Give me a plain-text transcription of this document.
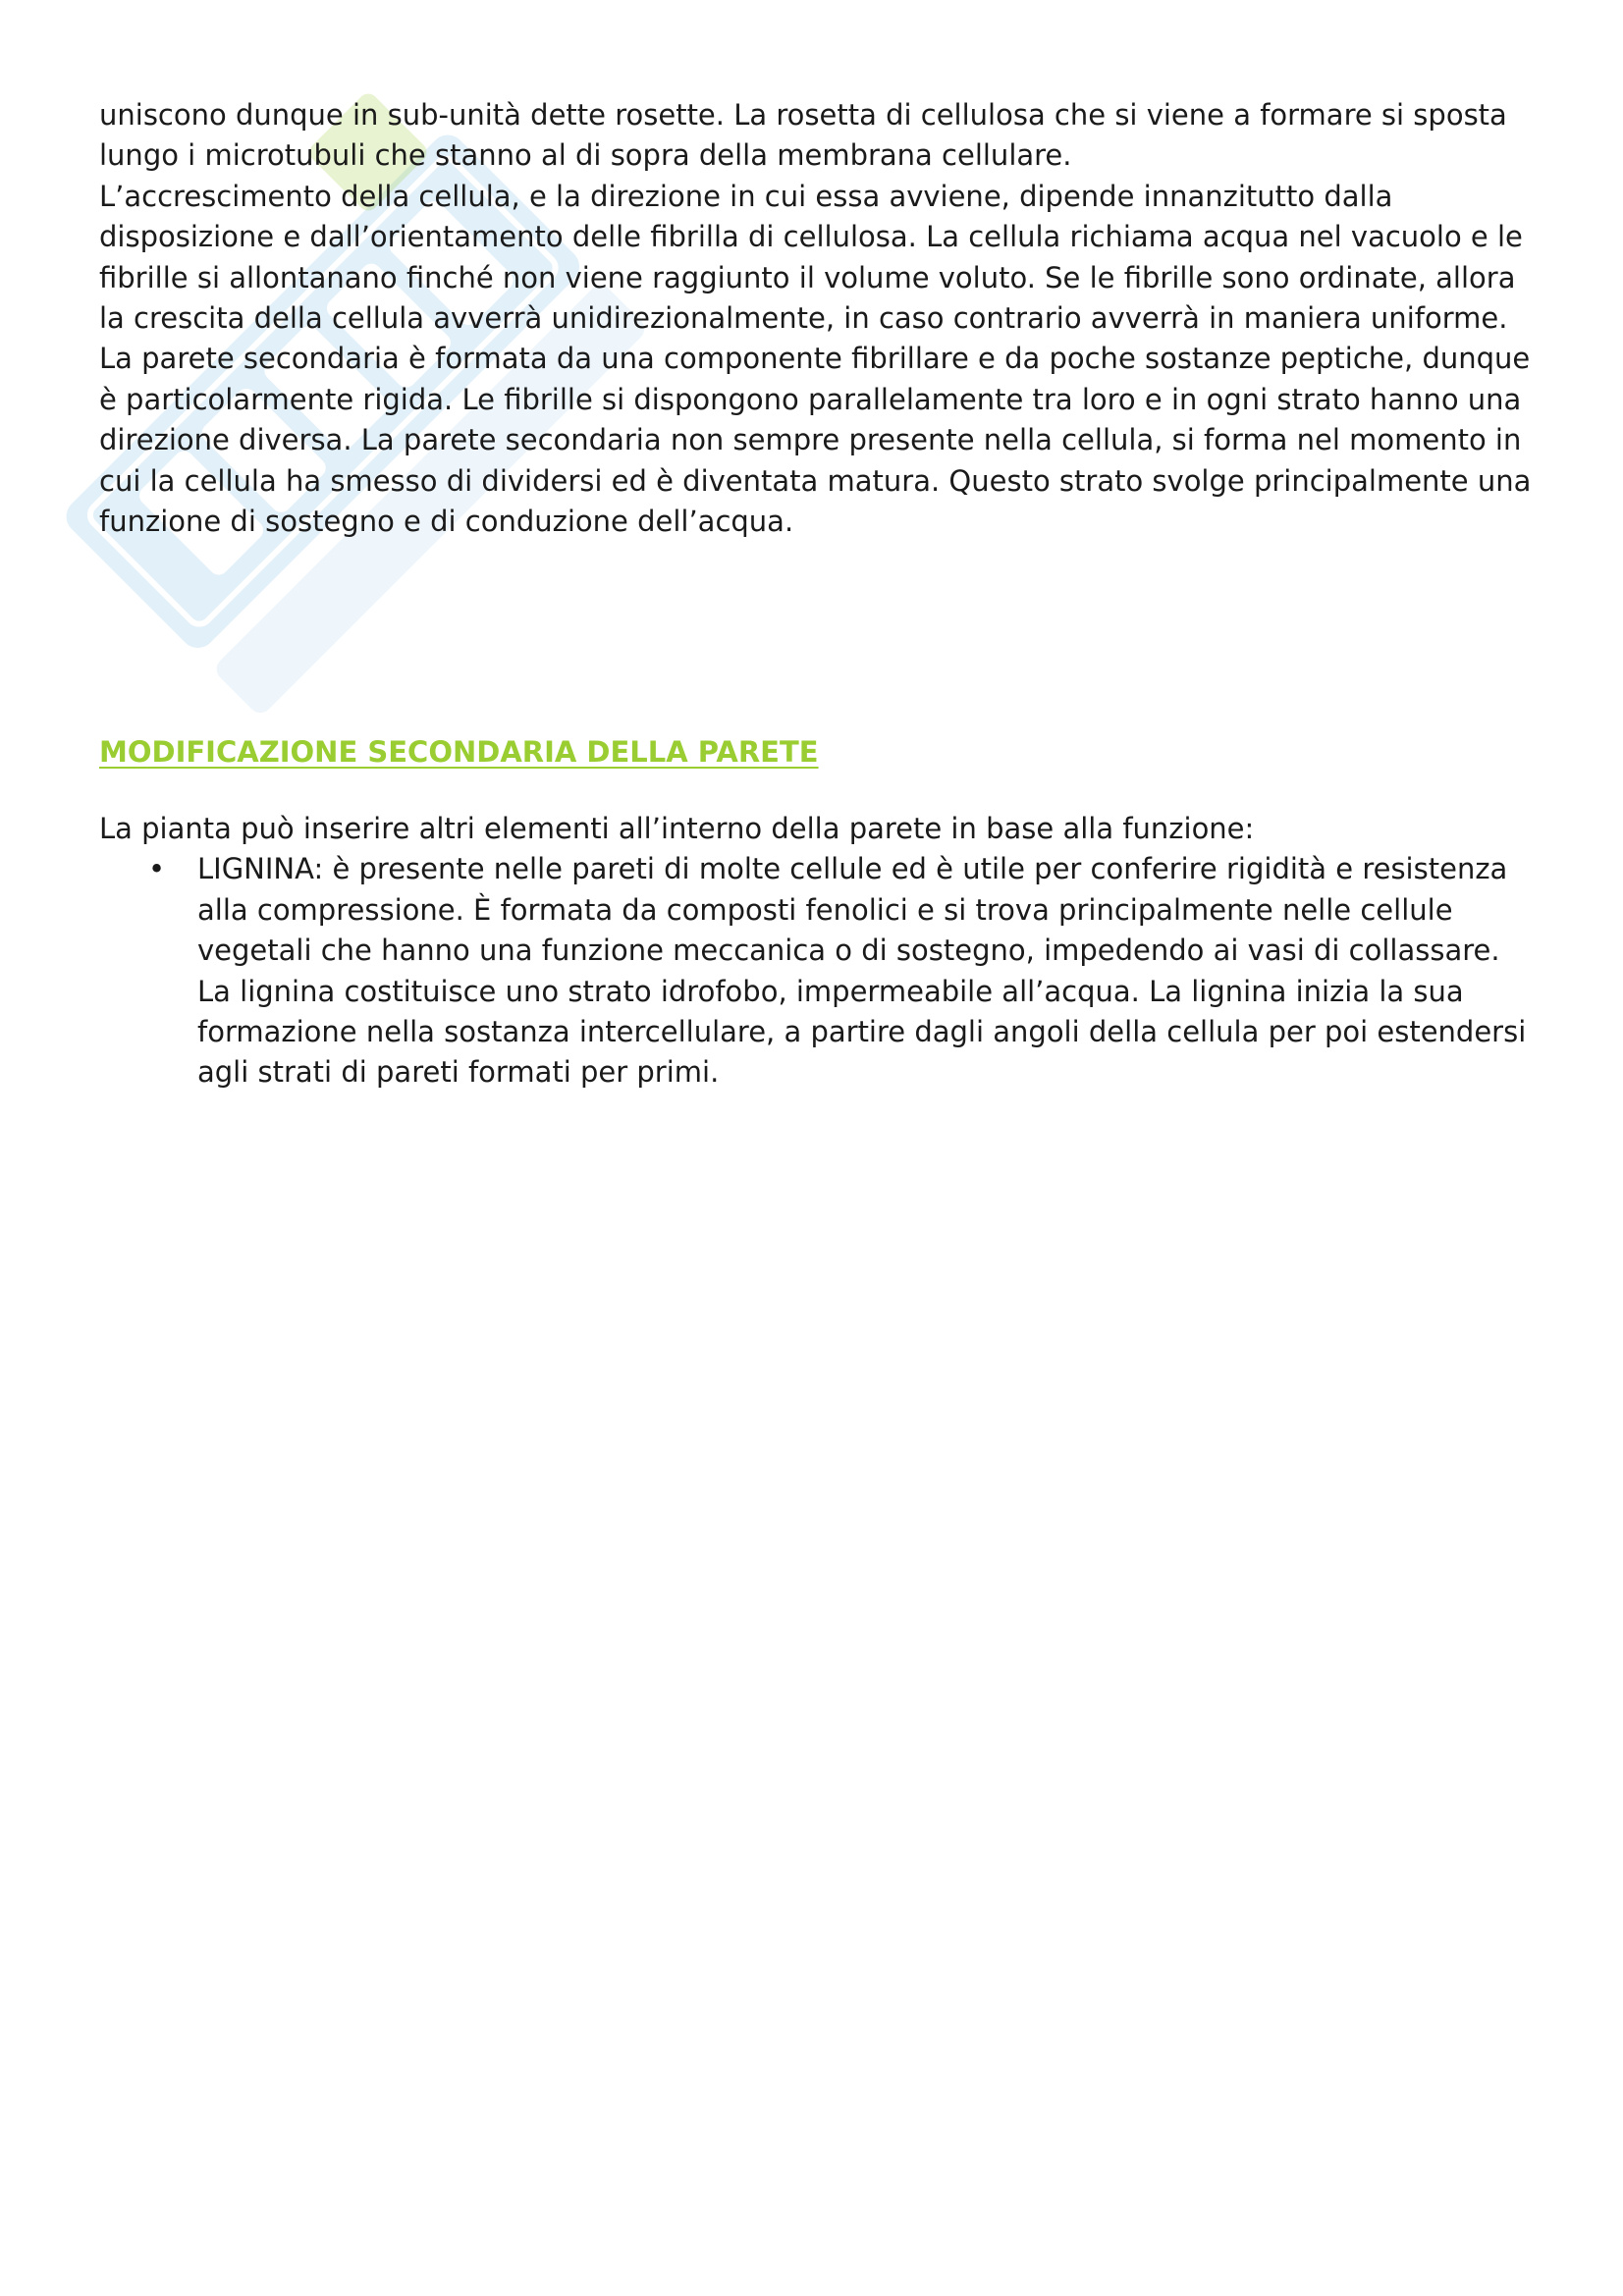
uniscono dunque in sub-unità dette rosette. La rosetta di cellulosa che si viene a formare si sposta lungo i microtubuli che stanno al di sopra della membrana cellulare.

L’accrescimento della cellula, e la direzione in cui essa avviene, dipende innanzitutto dalla disposizione e dall’orientamento delle fibrilla di cellulosa. La cellula richiama acqua nel vacuolo e le fibrille si allontanano finché non viene raggiunto il volume voluto. Se le fibrille sono ordinate, allora la crescita della cellula avverrà unidirezionalmente, in caso contrario avverrà in maniera uniforme.

La parete secondaria è formata da una componente fibrillare e da poche sostanze peptiche, dunque è particolarmente rigida. Le fibrille si dispongono parallelamente tra loro e in ogni strato hanno una direzione diversa. La parete secondaria non sempre presente nella cellula, si forma nel momento in cui la cellula ha smesso di dividersi ed è diventata matura. Questo strato svolge principalmente una funzione di sostegno e di conduzione dell’acqua.

MODIFICAZIONE SECONDARIA DELLA PARETE

La pianta può inserire altri elementi all’interno della parete in base alla funzione:

• LIGNINA: è presente nelle pareti di molte cellule ed è utile per conferire rigidità e resistenza alla compressione. È formata da composti fenolici e si trova principalmente nelle cellule vegetali che hanno una funzione meccanica o di sostegno, impedendo ai vasi di collassare. La lignina costituisce uno strato idrofobo, impermeabile all’acqua. La lignina inizia la sua formazione nella sostanza intercellulare, a partire dagli angoli della cellula per poi estendersi agli strati di pareti formati per primi.
